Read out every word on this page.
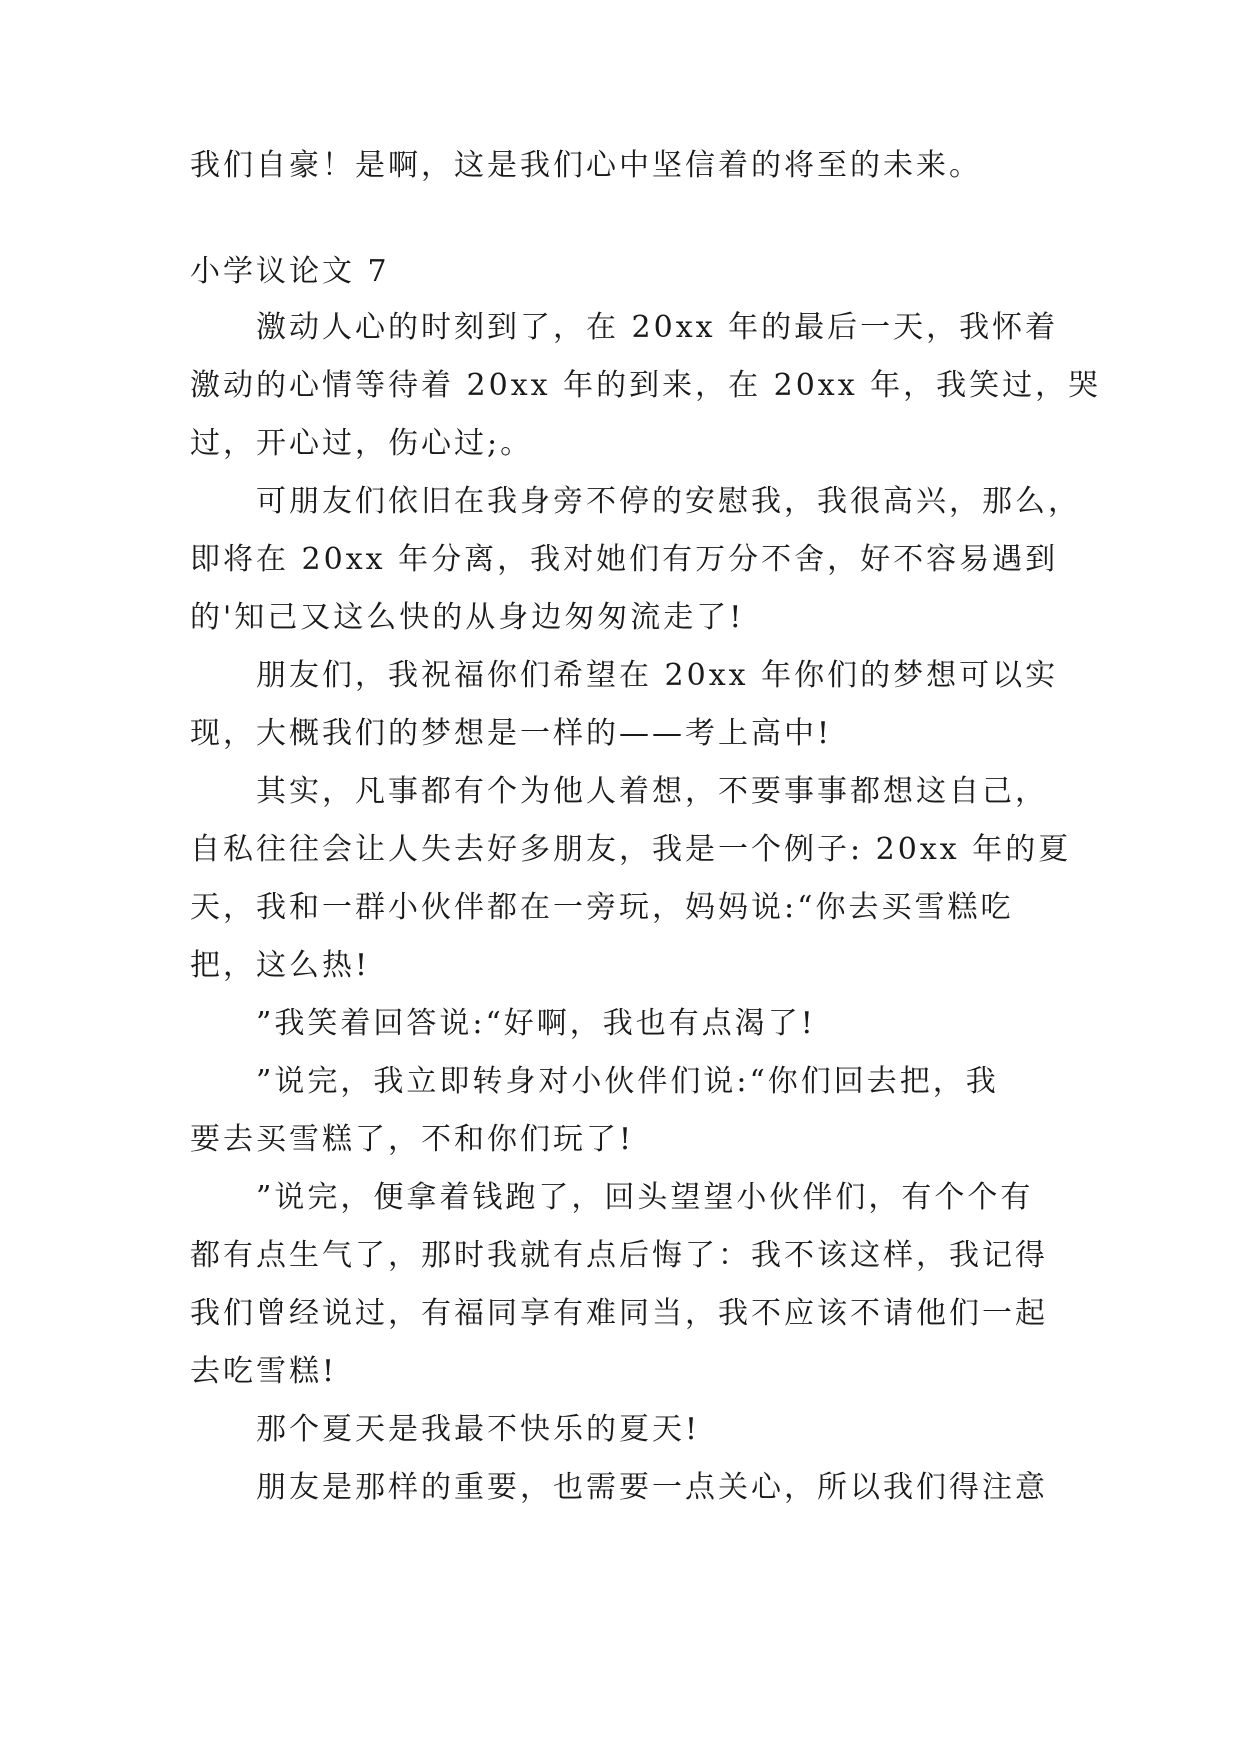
我们自豪！是啊，这是我们心中坚信着的将至的未来。
小学议论文 7
激动人心的时刻到了，在 20xx 年的最后一天，我怀着
激动的心情等待着 20xx 年的到来，在 20xx 年，我笑过，哭
过，开心过，伤心过;。
可朋友们依旧在我身旁不停的安慰我，我很高兴，那么，
即将在 20xx 年分离，我对她们有万分不舍，好不容易遇到
的'知己又这么快的从身边匆匆流走了!
朋友们，我祝福你们希望在 20xx 年你们的梦想可以实
现，大概我们的梦想是一样的——考上高中!
其实，凡事都有个为他人着想，不要事事都想这自己，
自私往往会让人失去好多朋友，我是一个例子: 20xx 年的夏
天，我和一群小伙伴都在一旁玩，妈妈说:“你去买雪糕吃
把，这么热!
”我笑着回答说:“好啊，我也有点渴了!
”说完，我立即转身对小伙伴们说:“你们回去把，我
要去买雪糕了，不和你们玩了!
”说完，便拿着钱跑了，回头望望小伙伴们，有个个有
都有点生气了，那时我就有点后悔了：我不该这样，我记得
我们曾经说过，有福同享有难同当，我不应该不请他们一起
去吃雪糕!
那个夏天是我最不快乐的夏天!
朋友是那样的重要，也需要一点关心，所以我们得注意
